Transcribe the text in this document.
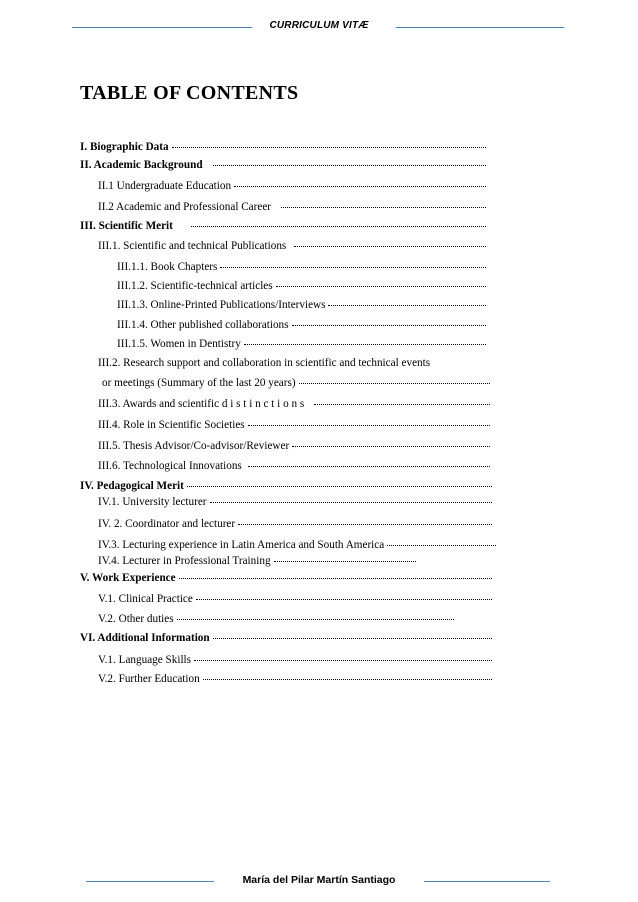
CURRICULUM VITÆ
TABLE OF CONTENTS
I. Biographic Data
II. Academic Background
II.1 Undergraduate Education
II.2 Academic and Professional Career
III. Scientific Merit
III.1. Scientific and technical Publications
III.1.1. Book Chapters
III.1.2. Scientific-technical articles
III.1.3. Online-Printed Publications/Interviews
III.1.4. Other published collaborations
III.1.5. Women in Dentistry
III.2. Research support and collaboration in scientific and technical events
or meetings (Summary of the last 20 years)
III.3. Awards and scientific d i s t i n c t i o n s
III.4. Role in Scientific Societies
III.5. Thesis Advisor/Co-advisor/Reviewer
III.6. Technological Innovations
IV. Pedagogical Merit
IV.1. University lecturer
IV. 2. Coordinator and lecturer
IV.3. Lecturing experience in Latin America and South America
IV.4. Lecturer in Professional Training
V. Work Experience
V.1. Clinical Practice
V.2. Other duties
VI. Additional Information
V.1. Language Skills
V.2. Further Education
María del Pilar Martín Santiago
